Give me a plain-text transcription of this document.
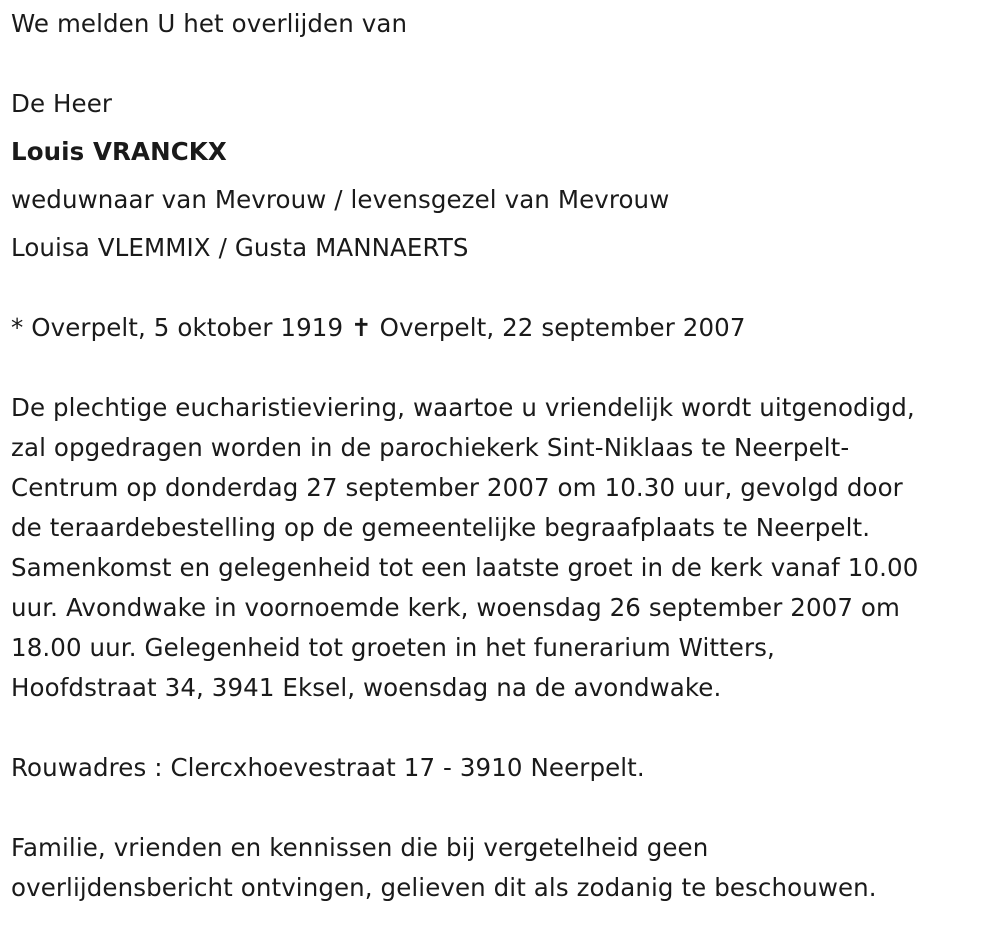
We melden U het overlijden van
De Heer
Louis VRANCKX
weduwnaar van Mevrouw / levensgezel van Mevrouw
Louisa VLEMMIX / Gusta MANNAERTS
* Overpelt, 5 oktober 1919 ✝ Overpelt, 22 september 2007
De plechtige eucharistieviering, waartoe u vriendelijk wordt uitgenodigd,
zal opgedragen worden in de parochiekerk Sint-Niklaas te Neerpelt-
Centrum op donderdag 27 september 2007 om 10.30 uur, gevolgd door
de teraardebestelling op de gemeentelijke begraafplaats te Neerpelt.
Samenkomst en gelegenheid tot een laatste groet in de kerk vanaf 10.00
uur. Avondwake in voornoemde kerk, woensdag 26 september 2007 om
18.00 uur. Gelegenheid tot groeten in het funerarium Witters,
Hoofdstraat 34, 3941 Eksel, woensdag na de avondwake.
Rouwadres : Clercxhoevestraat 17 - 3910 Neerpelt.
Familie, vrienden en kennissen die bij vergetelheid geen
overlijdensbericht ontvingen, gelieven dit als zodanig te beschouwen.
